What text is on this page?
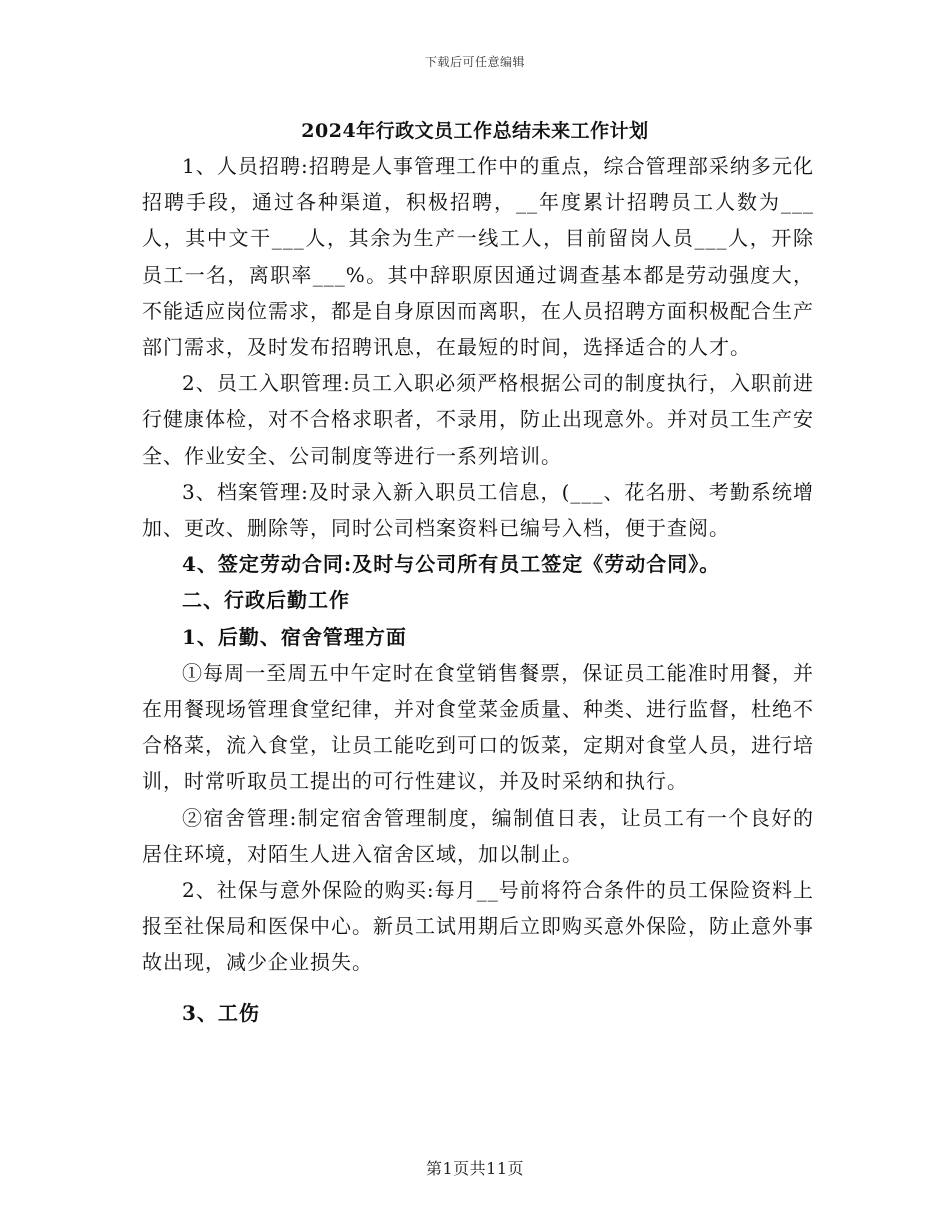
下载后可任意编辑
2024年行政文员工作总结未来工作计划

1、人员招聘:招聘是人事管理工作中的重点，综合管理部采纳多元化招聘手段，通过各种渠道，积极招聘，__年度累计招聘员工人数为___人，其中文干___人，其余为生产一线工人，目前留岗人员___人，开除员工一名，离职率___%。其中辞职原因通过调查基本都是劳动强度大，不能适应岗位需求，都是自身原因而离职，在人员招聘方面积极配合生产部门需求，及时发布招聘讯息，在最短的时间，选择适合的人才。

2、员工入职管理:员工入职必须严格根据公司的制度执行，入职前进行健康体检，对不合格求职者，不录用，防止出现意外。并对员工生产安全、作业安全、公司制度等进行一系列培训。

3、档案管理:及时录入新入职员工信息，(___、花名册、考勤系统增加、更改、删除等，同时公司档案资料已编号入档，便于查阅。

4、签定劳动合同:及时与公司所有员工签定《劳动合同》。

二、行政后勤工作

1、后勤、宿舍管理方面

①每周一至周五中午定时在食堂销售餐票，保证员工能准时用餐，并在用餐现场管理食堂纪律，并对食堂菜金质量、种类、进行监督，杜绝不合格菜，流入食堂，让员工能吃到可口的饭菜，定期对食堂人员，进行培训，时常听取员工提出的可行性建议，并及时采纳和执行。

②宿舍管理:制定宿舍管理制度，编制值日表，让员工有一个良好的居住环境，对陌生人进入宿舍区域，加以制止。

2、社保与意外保险的购买:每月__号前将符合条件的员工保险资料上报至社保局和医保中心。新员工试用期后立即购买意外保险，防止意外事故出现，减少企业损失。

3、工伤

第1页共11页
